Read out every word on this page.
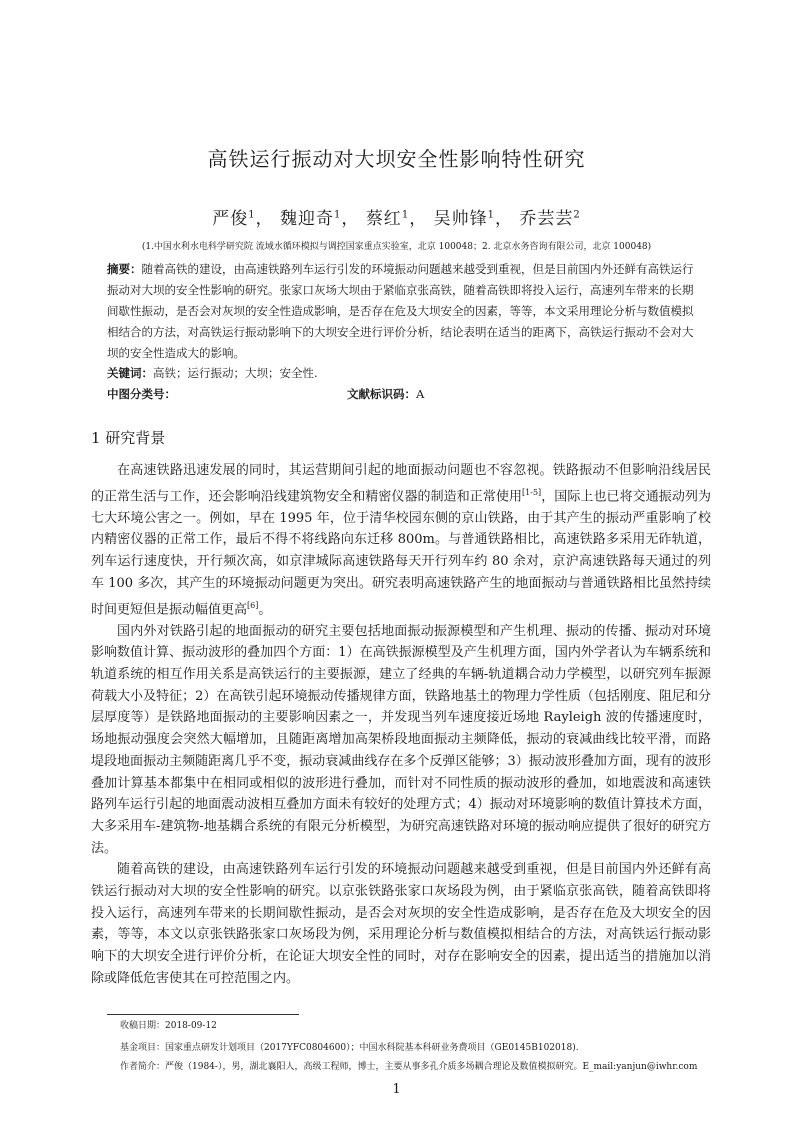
高铁运行振动对大坝安全性影响特性研究
严俊$^1$， 魏迎奇$^1$， 蔡红$^1$， 吴帅锋$^1$， 乔芸芸$^2$
(1.中国水利水电科学研究院 流域水循环模拟与调控国家重点实验室，北京 100048；2. 北京水务咨询有限公司，北京 100048)
摘要：随着高铁的建设，由高速铁路列车运行引发的环境振动问题越来越受到重视，但是目前国内外还鲜有高铁运行振动对大坝的安全性影响的研究。张家口灰场大坝由于紧临京张高铁，随着高铁即将投入运行，高速列车带来的长期间歇性振动，是否会对灰坝的安全性造成影响，是否存在危及大坝安全的因素，等等，本文采用理论分析与数值模拟相结合的方法，对高铁运行振动影响下的大坝安全进行评价分析，结论表明在适当的距离下，高铁运行振动不会对大坝的安全性造成大的影响。
关键词：高铁；运行振动；大坝；安全性.
中图分类号：	文献标识码：A
1 研究背景

在高速铁路迅速发展的同时，其运营期间引起的地面振动问题也不容忽视。铁路振动不但影响沿线居民的正常生活与工作，还会影响沿线建筑物安全和精密仪器的制造和正常使用[1-5]，国际上也已将交通振动列为七大环境公害之一。例如，早在 1995 年，位于清华校园东侧的京山铁路，由于其产生的振动严重影响了校内精密仪器的正常工作，最后不得不将线路向东迁移 800m。与普通铁路相比，高速铁路多采用无砟轨道，列车运行速度快，开行频次高，如京津城际高速铁路每天开行列车约 80 余对，京沪高速铁路每天通过的列车 100 多次，其产生的环境振动问题更为突出。研究表明高速铁路产生的地面振动与普通铁路相比虽然持续时间更短但是振动幅值更高[6]。

国内外对铁路引起的地面振动的研究主要包括地面振动振源模型和产生机理、振动的传播、振动对环境影响数值计算、振动波形的叠加四个方面：1）在高铁振源模型及产生机理方面，国内外学者认为车辆系统和轨道系统的相互作用关系是高铁运行的主要振源，建立了经典的车辆-轨道耦合动力学模型，以研究列车振源荷载大小及特征；2）在高铁引起环境振动传播规律方面，铁路地基土的物理力学性质（包括刚度、阻尼和分层厚度等）是铁路地面振动的主要影响因素之一，并发现当列车速度接近场地 Rayleigh 波的传播速度时，场地振动强度会突然大幅增加，且随距离增加高架桥段地面振动主频降低，振动的衰减曲线比较平滑，而路堤段地面振动主频随距离几乎不变，振动衰减曲线存在多个反弹区能够；3）振动波形叠加方面，现有的波形叠加计算基本都集中在相同或相似的波形进行叠加，而针对不同性质的振动波形的叠加，如地震波和高速铁路列车运行引起的地面震动波相互叠加方面未有较好的处理方式；4）振动对环境影响的数值计算技术方面，大多采用车-建筑物-地基耦合系统的有限元分析模型，为研究高速铁路对环境的振动响应提供了很好的研究方法。

随着高铁的建设，由高速铁路列车运行引发的环境振动问题越来越受到重视，但是目前国内外还鲜有高铁运行振动对大坝的安全性影响的研究。以京张铁路张家口灰场段为例，由于紧临京张高铁，随着高铁即将投入运行，高速列车带来的长期间歇性振动，是否会对灰坝的安全性造成影响，是否存在危及大坝安全的因素，等等，本文以京张铁路张家口灰场段为例，采用理论分析与数值模拟相结合的方法，对高铁运行振动影响下的大坝安全进行评价分析，在论证大坝安全性的同时，对存在影响安全的因素，提出适当的措施加以消除或降低危害使其在可控范围之内。

收稿日期：2018-09-12
基金项目：国家重点研发计划项目（2017YFC0804600）；中国水科院基本科研业务费项目（GE0145B102018).
作者简介：严俊（1984-），男，湖北襄阳人，高级工程师，博士，主要从事多孔介质多场耦合理论及数值模拟研究。E_mail:yanjun@iwhr.com
1
